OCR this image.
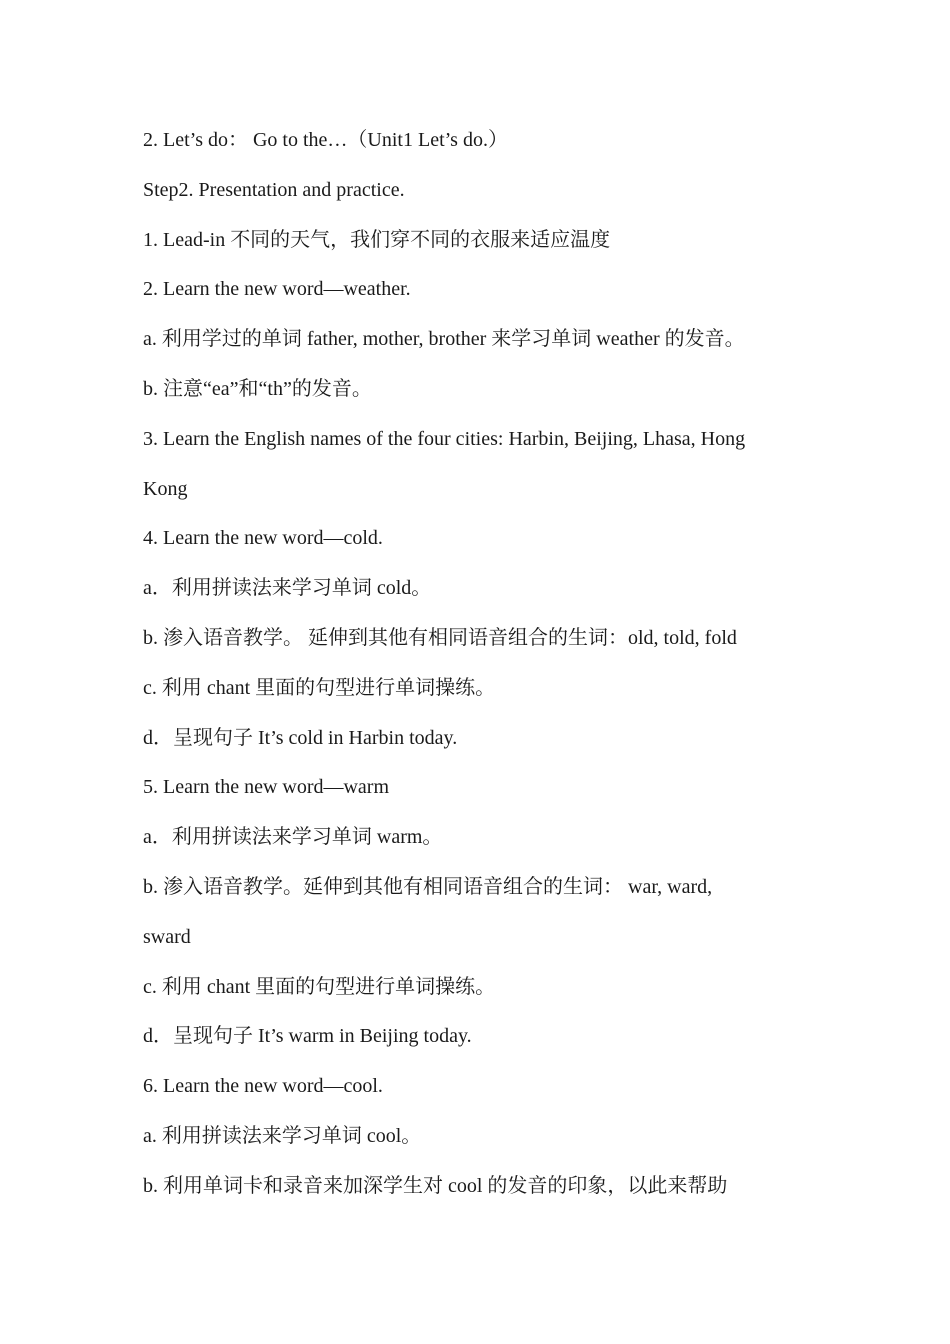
2. Let’s do： Go to the…（Unit1 Let’s do.）
Step2. Presentation and practice.
1. Lead-in 不同的天气，我们穿不同的衣服来适应温度
2. Learn the new word—weather.
a. 利用学过的单词 father, mother, brother 来学习单词 weather 的发音。
b. 注意“ea”和“th”的发音。
3. Learn the English names of the four cities: Harbin, Beijing, Lhasa, Hong
Kong
4. Learn the new word—cold.
a．利用拼读法来学习单词 cold。
b. 渗入语音教学。 延伸到其他有相同语音组合的生词：old, told, fold
c. 利用 chant 里面的句型进行单词操练。
d．呈现句子 It’s cold in Harbin today.
5. Learn the new word—warm
a．利用拼读法来学习单词 warm。
b. 渗入语音教学。延伸到其他有相同语音组合的生词： war, ward,
sward
c. 利用 chant 里面的句型进行单词操练。
d．呈现句子 It’s warm in Beijing today.
6. Learn the new word—cool.
a. 利用拼读法来学习单词 cool。
b. 利用单词卡和录音来加深学生对 cool 的发音的印象，以此来帮助
